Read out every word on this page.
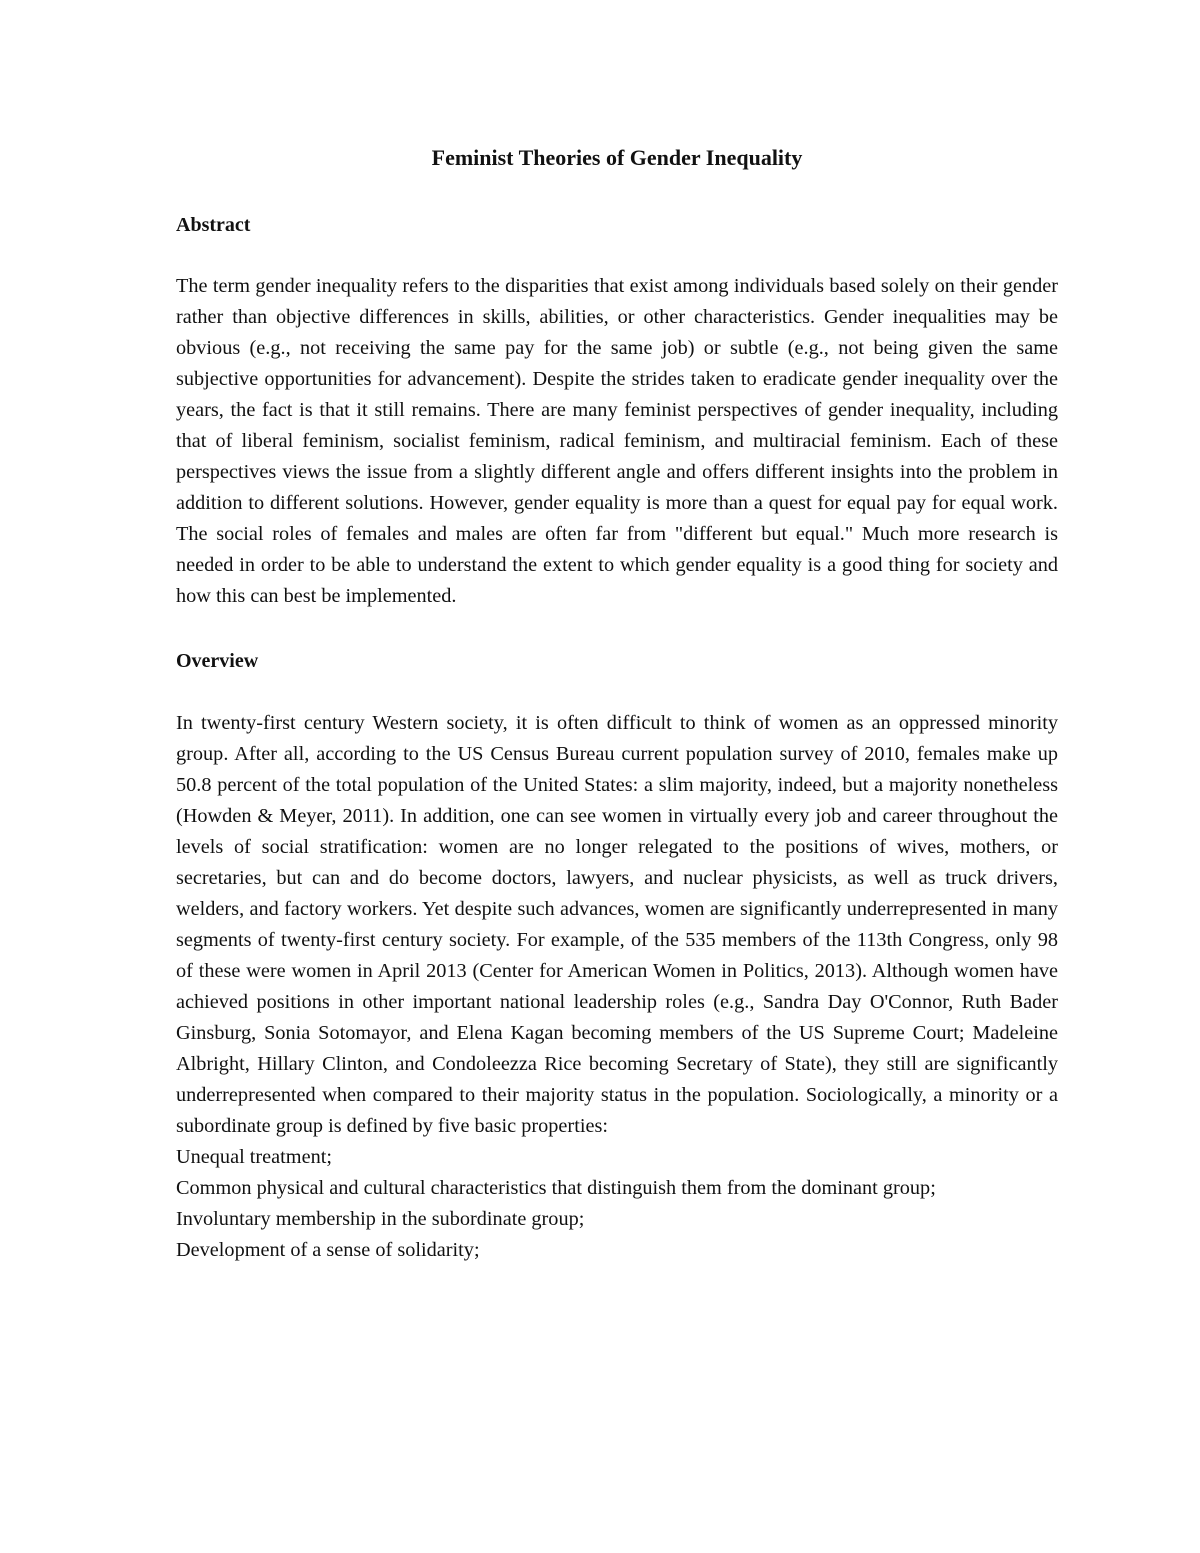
Feminist Theories of Gender Inequality
Abstract

The term gender inequality refers to the disparities that exist among individuals based solely on their gender rather than objective differences in skills, abilities, or other characteristics. Gender inequalities may be obvious (e.g., not receiving the same pay for the same job) or subtle (e.g., not being given the same subjective opportunities for advancement). Despite the strides taken to eradicate gender inequality over the years, the fact is that it still remains. There are many feminist perspectives of gender inequality, including that of liberal feminism, socialist feminism, radical feminism, and multiracial feminism. Each of these perspectives views the issue from a slightly different angle and offers different insights into the problem in addition to different solutions. However, gender equality is more than a quest for equal pay for equal work. The social roles of females and males are often far from "different but equal." Much more research is needed in order to be able to understand the extent to which gender equality is a good thing for society and how this can best be implemented.

Overview

In twenty-first century Western society, it is often difficult to think of women as an oppressed minority group. After all, according to the US Census Bureau current population survey of 2010, females make up 50.8 percent of the total population of the United States: a slim majority, indeed, but a majority nonetheless (Howden & Meyer, 2011). In addition, one can see women in virtually every job and career throughout the levels of social stratification: women are no longer relegated to the positions of wives, mothers, or secretaries, but can and do become doctors, lawyers, and nuclear physicists, as well as truck drivers, welders, and factory workers. Yet despite such advances, women are significantly underrepresented in many segments of twenty-first century society. For example, of the 535 members of the 113th Congress, only 98 of these were women in April 2013 (Center for American Women in Politics, 2013). Although women have achieved positions in other important national leadership roles (e.g., Sandra Day O'Connor, Ruth Bader Ginsburg, Sonia Sotomayor, and Elena Kagan becoming members of the US Supreme Court; Madeleine Albright, Hillary Clinton, and Condoleezza Rice becoming Secretary of State), they still are significantly underrepresented when compared to their majority status in the population. Sociologically, a minority or a subordinate group is defined by five basic properties:

Unequal treatment;
Common physical and cultural characteristics that distinguish them from the dominant group;
Involuntary membership in the subordinate group;
Development of a sense of solidarity;
